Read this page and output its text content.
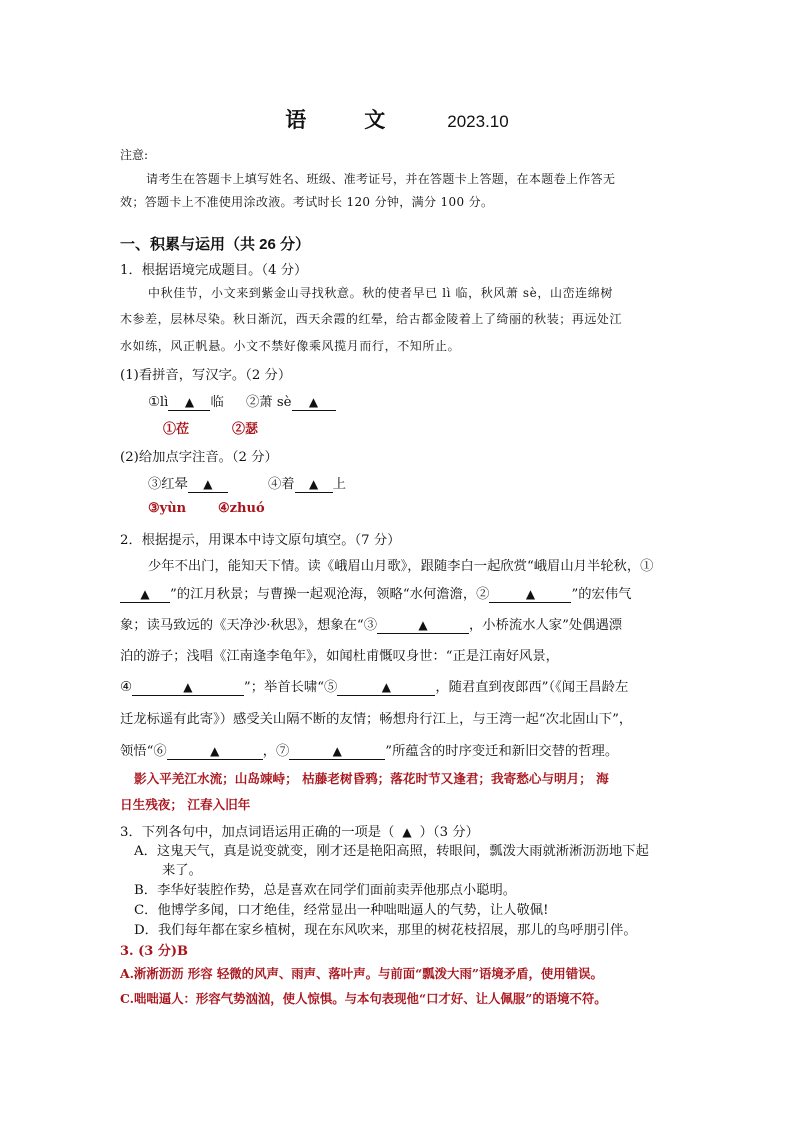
语	文	2023.10
注意:
请考生在答题卡上填写姓名、班级、准考证号，并在答题卡上答题，在本题卷上作答无
效；答题卡上不准使用涂改液。考试时长 120 分钟，满分 100 分。
一、积累与运用（共 26 分）
1．根据语境完成题目。（4 分）
中秋佳节，小文来到紫金山寻找秋意。秋的使者早已 lì 临，秋风萧 sè，山峦连绵树
木参差，层林尽染。秋日渐沉，西天余霞的红晕，给古都金陵着上了绮丽的秋装；再远处江
水如练，风正帆悬。小文不禁好像乘风揽月而行，不知所止。
(1)看拼音，写汉字。（2 分）
①lì ▲ 临 ②萧 sè ▲
①莅	②瑟
(2)给加点字注音。（2 分）
③红晕 ▲	④着 ▲ 上
③yùn ④zhuó
2．根据提示，用课本中诗文原句填空。（7 分）
少年不出门，能知天下情。读《峨眉山月歌》，跟随李白一起欣赏“峨眉山月半轮秋，①
▲ ”的江月秋景；与曹操一起观沧海，领略“水何澹澹，②	▲	”的宏伟气
象；读马致远的《天净沙·秋思》，想象在“③	▲	，小桥流水人家”处偶遇漂
泊的游子；浅唱《江南逢李龟年》，如闻杜甫慨叹身世：“正是江南好风景，
④	▲	”；举首长啸“⑤	▲	，随君直到夜郎西”（《闻王昌龄左
迁龙标遥有此寄》）感受关山隔不断的友情；畅想舟行江上，与王湾一起“次北固山下”，
领悟“⑥	▲	，⑦	▲	”所蕴含的时序变迁和新旧交替的哲理。
影入平羌江水流；山岛竦峙； 枯藤老树昏鸦；落花时节又逢君；我寄愁心与明月； 海
日生残夜； 江春入旧年
3．下列各句中，加点词语运用正确的一项是（ ▲ ）（3 分）
A．这鬼天气，真是说变就变，刚才还是艳阳高照，转眼间，瓢泼大雨就淅淅沥沥地下起
来了。
B．李华好装腔作势，总是喜欢在同学们面前卖弄他那点小聪明。
C．他博学多闻，口才绝佳，经常显出一种咄咄逼人的气势，让人敬佩!
D．我们每年都在家乡植树，现在东风吹来，那里的树花枝招展，那儿的鸟呼朋引伴。
3. (3 分)B
A.淅淅沥沥 形容 轻微的风声、雨声、落叶声。与前面“瓢泼大雨”语境矛盾，使用错误。
C.咄咄逼人：形容气势汹汹，使人惊惧。与本句表现他“口才好、让人佩服”的语境不符。
